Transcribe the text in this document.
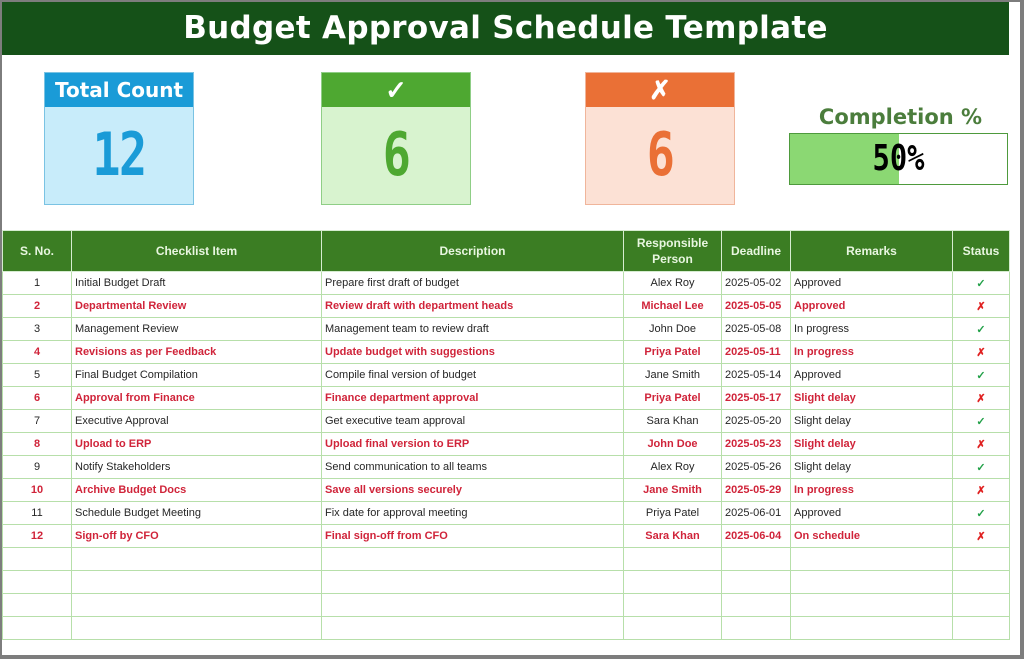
Budget Approval Schedule Template
Total Count
12
✓
6
✗
6
Completion %
50%
S. No.	Checklist Item	Description	Responsible Person	Deadline	Remarks	Status
1	Initial Budget Draft	Prepare first draft of budget	Alex Roy	2025-05-02	Approved	✓
2	Departmental Review	Review draft with department heads	Michael Lee	2025-05-05	Approved	✗
3	Management Review	Management team to review draft	John Doe	2025-05-08	In progress	✓
4	Revisions as per Feedback	Update budget with suggestions	Priya Patel	2025-05-11	In progress	✗
5	Final Budget Compilation	Compile final version of budget	Jane Smith	2025-05-14	Approved	✓
6	Approval from Finance	Finance department approval	Priya Patel	2025-05-17	Slight delay	✗
7	Executive Approval	Get executive team approval	Sara Khan	2025-05-20	Slight delay	✓
8	Upload to ERP	Upload final version to ERP	John Doe	2025-05-23	Slight delay	✗
9	Notify Stakeholders	Send communication to all teams	Alex Roy	2025-05-26	Slight delay	✓
10	Archive Budget Docs	Save all versions securely	Jane Smith	2025-05-29	In progress	✗
11	Schedule Budget Meeting	Fix date for approval meeting	Priya Patel	2025-06-01	Approved	✓
12	Sign-off by CFO	Final sign-off from CFO	Sara Khan	2025-06-04	On schedule	✗
